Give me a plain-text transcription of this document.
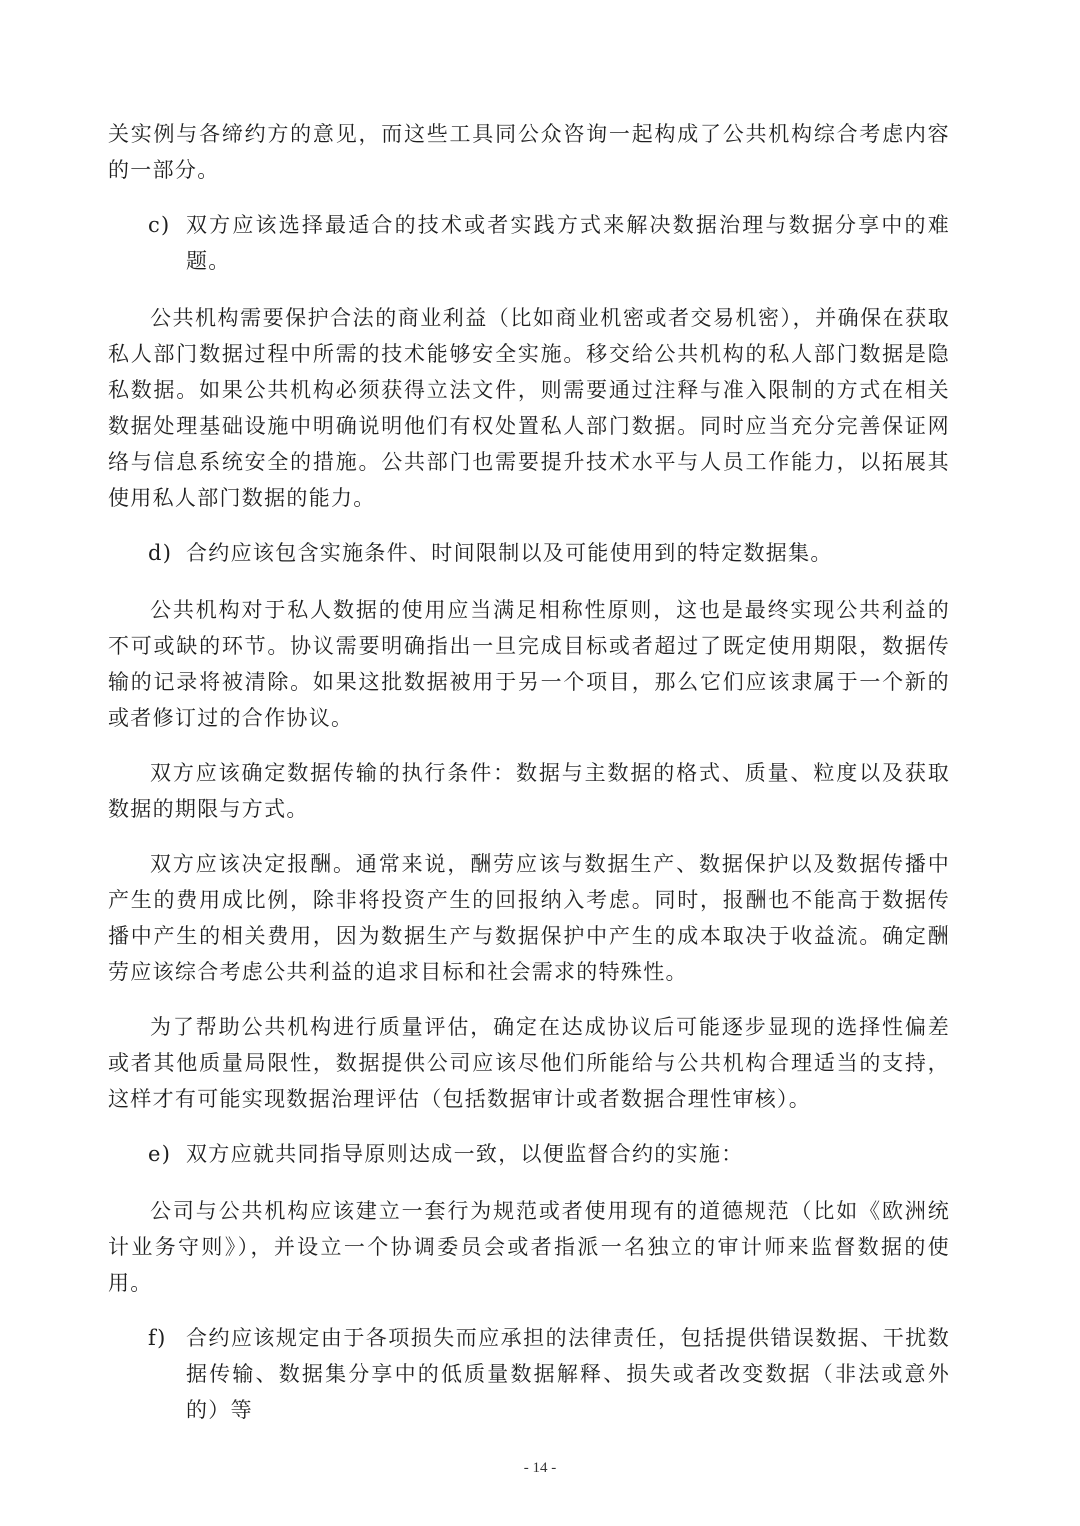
关实例与各缔约方的意见，而这些工具同公众咨询一起构成了公共机构综合考虑内容的一部分。

c) 双方应该选择最适合的技术或者实践方式来解决数据治理与数据分享中的难题。

公共机构需要保护合法的商业利益（比如商业机密或者交易机密），并确保在获取私人部门数据过程中所需的技术能够安全实施。移交给公共机构的私人部门数据是隐私数据。如果公共机构必须获得立法文件，则需要通过注释与准入限制的方式在相关数据处理基础设施中明确说明他们有权处置私人部门数据。同时应当充分完善保证网络与信息系统安全的措施。公共部门也需要提升技术水平与人员工作能力，以拓展其使用私人部门数据的能力。

d) 合约应该包含实施条件、时间限制以及可能使用到的特定数据集。

公共机构对于私人数据的使用应当满足相称性原则，这也是最终实现公共利益的不可或缺的环节。协议需要明确指出一旦完成目标或者超过了既定使用期限，数据传输的记录将被清除。如果这批数据被用于另一个项目，那么它们应该隶属于一个新的或者修订过的合作协议。

双方应该确定数据传输的执行条件：数据与主数据的格式、质量、粒度以及获取数据的期限与方式。

双方应该决定报酬。通常来说，酬劳应该与数据生产、数据保护以及数据传播中产生的费用成比例，除非将投资产生的回报纳入考虑。同时，报酬也不能高于数据传播中产生的相关费用，因为数据生产与数据保护中产生的成本取决于收益流。确定酬劳应该综合考虑公共利益的追求目标和社会需求的特殊性。

为了帮助公共机构进行质量评估，确定在达成协议后可能逐步显现的选择性偏差或者其他质量局限性，数据提供公司应该尽他们所能给与公共机构合理适当的支持，这样才有可能实现数据治理评估（包括数据审计或者数据合理性审核）。

e) 双方应就共同指导原则达成一致，以便监督合约的实施：

公司与公共机构应该建立一套行为规范或者使用现有的道德规范（比如《欧洲统计业务守则》），并设立一个协调委员会或者指派一名独立的审计师来监督数据的使用。

f) 合约应该规定由于各项损失而应承担的法律责任，包括提供错误数据、干扰数据传输、数据集分享中的低质量数据解释、损失或者改变数据（非法或意外的）等

- 14 -
